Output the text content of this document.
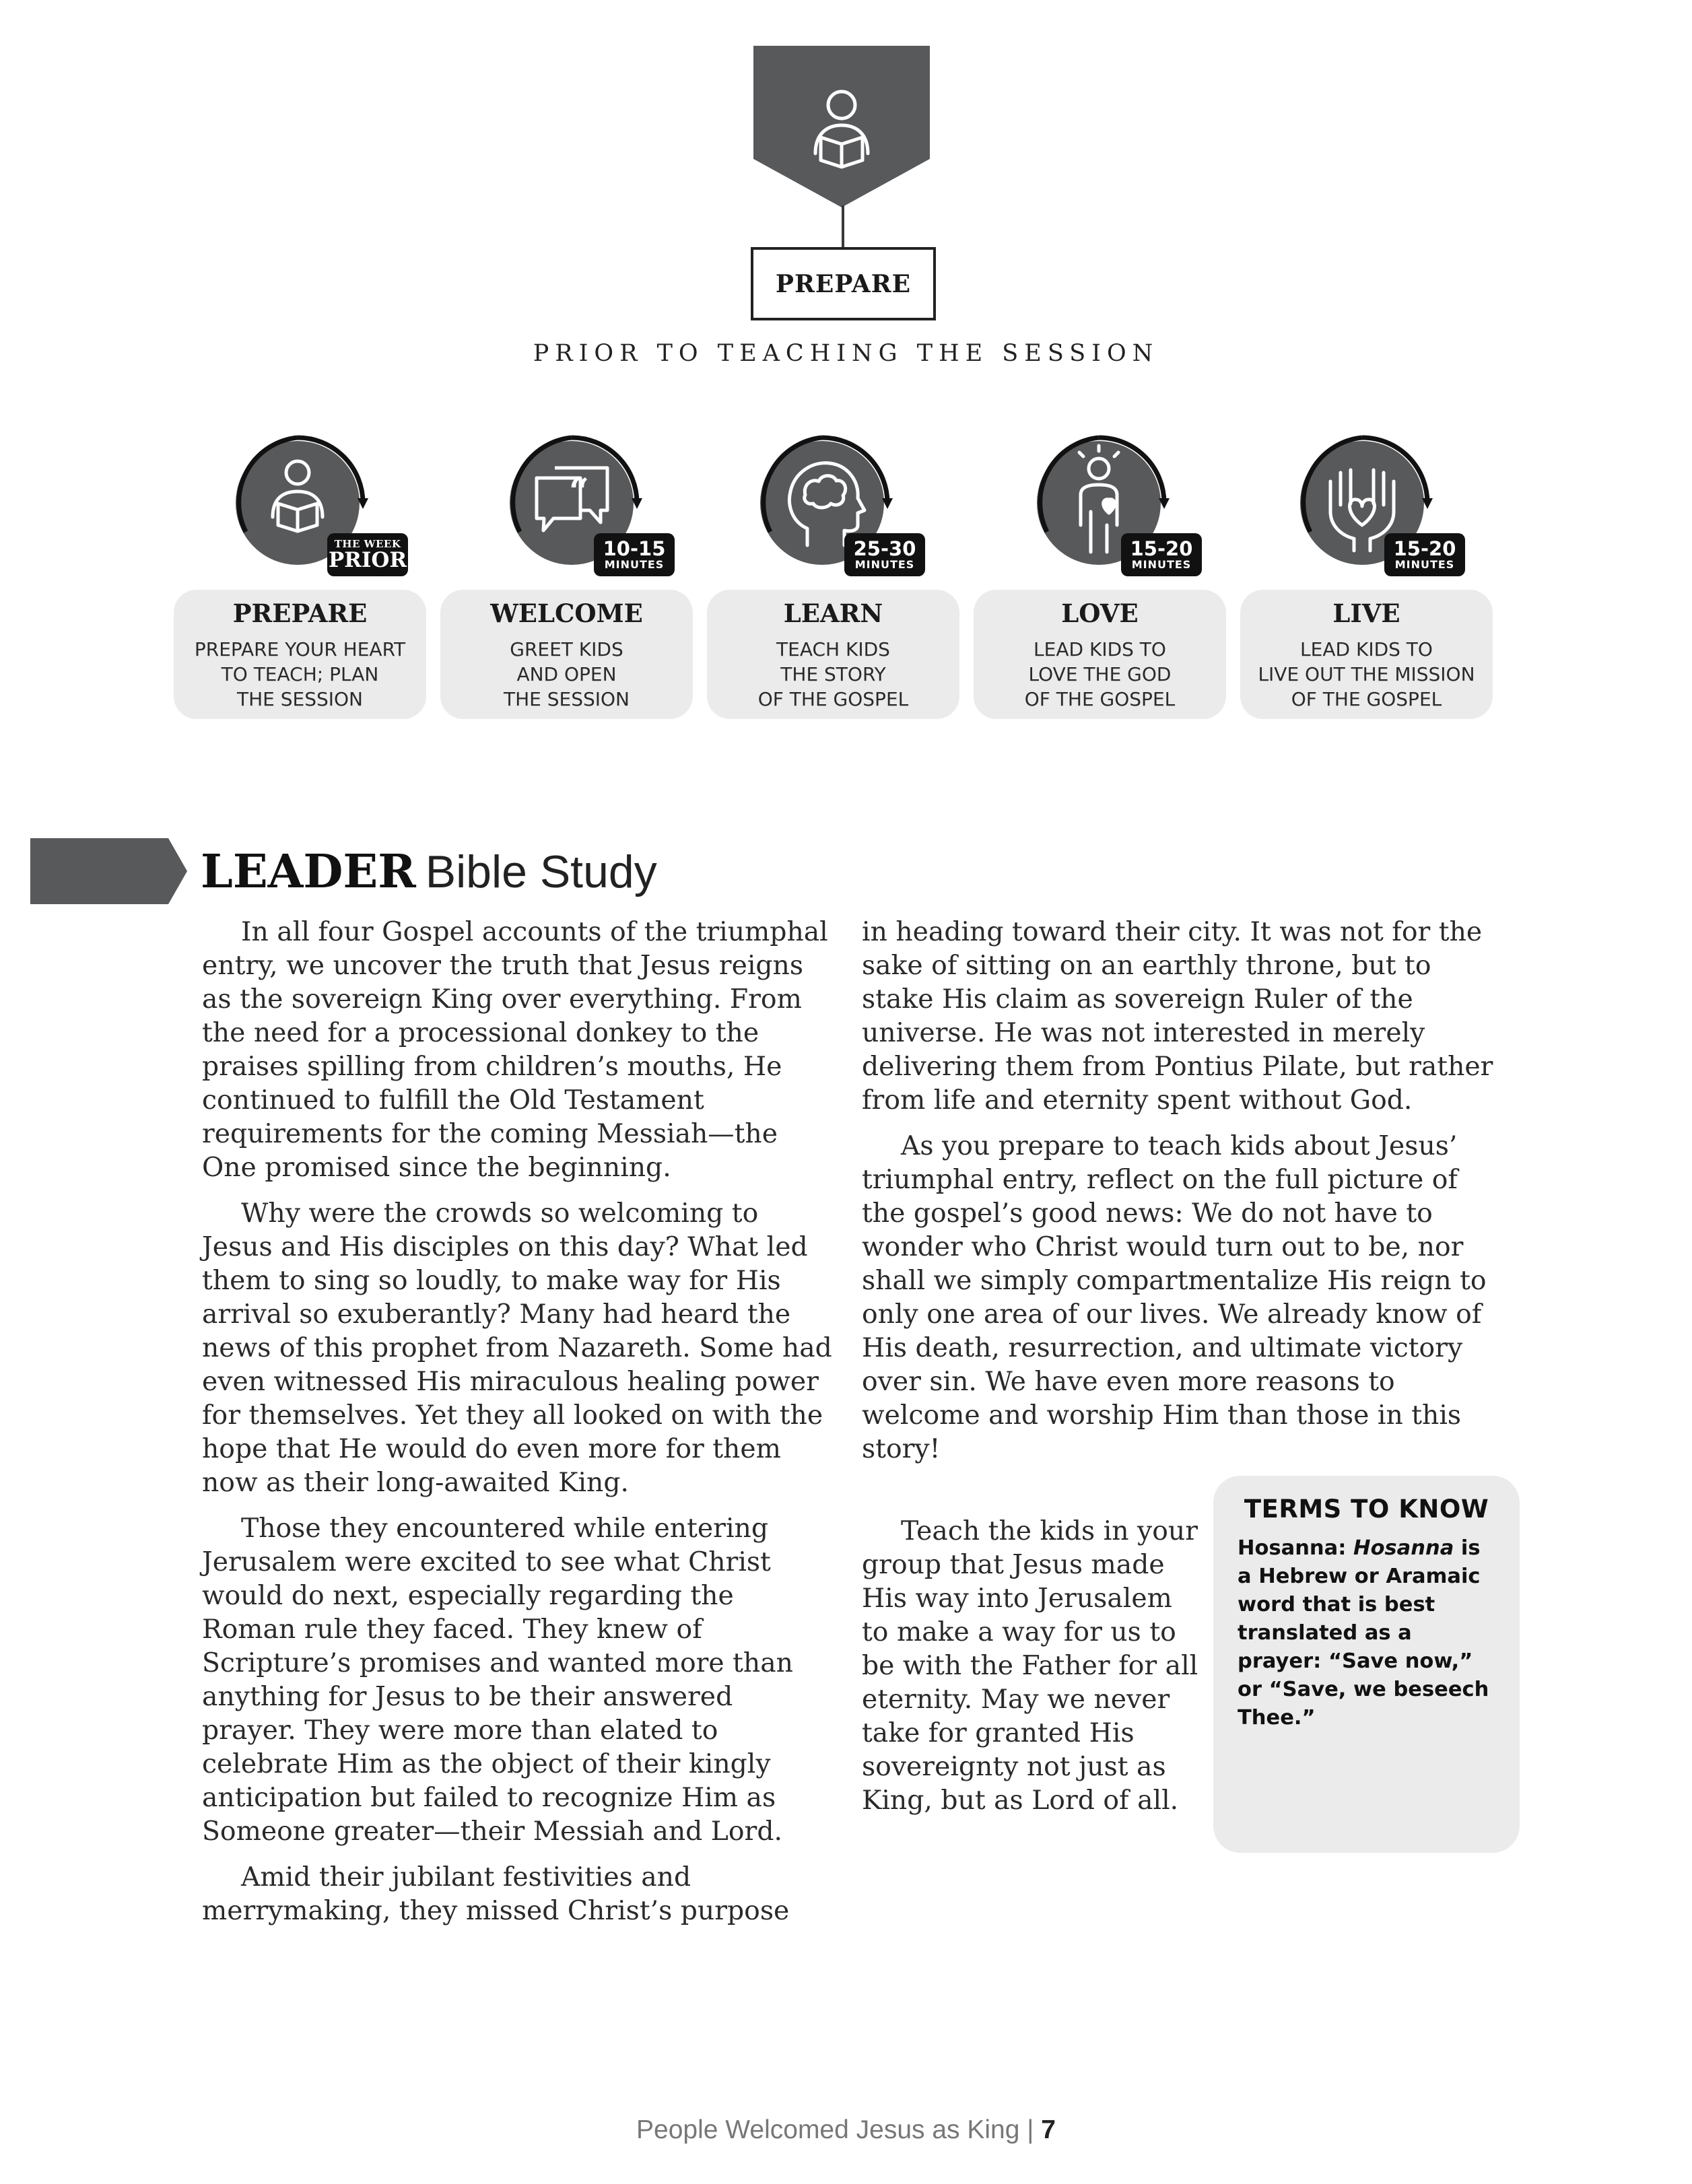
PREPARE
PRIOR TO TEACHING THE SESSION
THE WEEK
PRIOR
PREPARE
PREPARE YOUR HEART
TO TEACH; PLAN
THE SESSION
“
10-15
MINUTES
WELCOME
GREET KIDS
AND OPEN
THE SESSION
25-30
MINUTES
LEARN
TEACH KIDS
THE STORY
OF THE GOSPEL
15-20
MINUTES
LOVE
LEAD KIDS TO
LOVE THE GOD
OF THE GOSPEL
15-20
MINUTES
LIVE
LEAD KIDS TO
LIVE OUT THE MISSION
OF THE GOSPEL
LEADER Bible Study

In all four Gospel accounts of the triumphal entry, we uncover the truth that Jesus reigns as the sovereign King over everything. From the need for a processional donkey to the praises spilling from children’s mouths, He continued to fulfill the Old Testament requirements for the coming Messiah—the One promised since the beginning.

Why were the crowds so welcoming to Jesus and His disciples on this day? What led them to sing so loudly, to make way for His arrival so exuberantly? Many had heard the news of this prophet from Nazareth. Some had even witnessed His miraculous healing power for themselves. Yet they all looked on with the hope that He would do even more for them now as their long-awaited King.

Those they encountered while entering Jerusalem were excited to see what Christ would do next, especially regarding the Roman rule they faced. They knew of Scripture’s promises and wanted more than anything for Jesus to be their answered prayer. They were more than elated to celebrate Him as the object of their kingly anticipation but failed to recognize Him as Someone greater—their Messiah and Lord.

Amid their jubilant festivities and merrymaking, they missed Christ’s purpose

in heading toward their city. It was not for the sake of sitting on an earthly throne, but to stake His claim as sovereign Ruler of the universe. He was not interested in merely delivering them from Pontius Pilate, but rather from life and eternity spent without God.

As you prepare to teach kids about Jesus’ triumphal entry, reflect on the full picture of the gospel’s good news: We do not have to wonder who Christ would turn out to be, nor shall we simply compartmentalize His reign to only one area of our lives. We already know of His death, resurrection, and ultimate victory over sin. We have even more reasons to welcome and worship Him than those in this story!

Teach the kids in your group that Jesus made His way into Jerusalem to make a way for us to be with the Father for all eternity. May we never take for granted His sovereignty not just as King, but as Lord of all.

TERMS TO KNOW
Hosanna: Hosanna is a Hebrew or Aramaic word that is best translated as a prayer: “Save now,” or “Save, we beseech Thee.”
People Welcomed Jesus as King | 7
